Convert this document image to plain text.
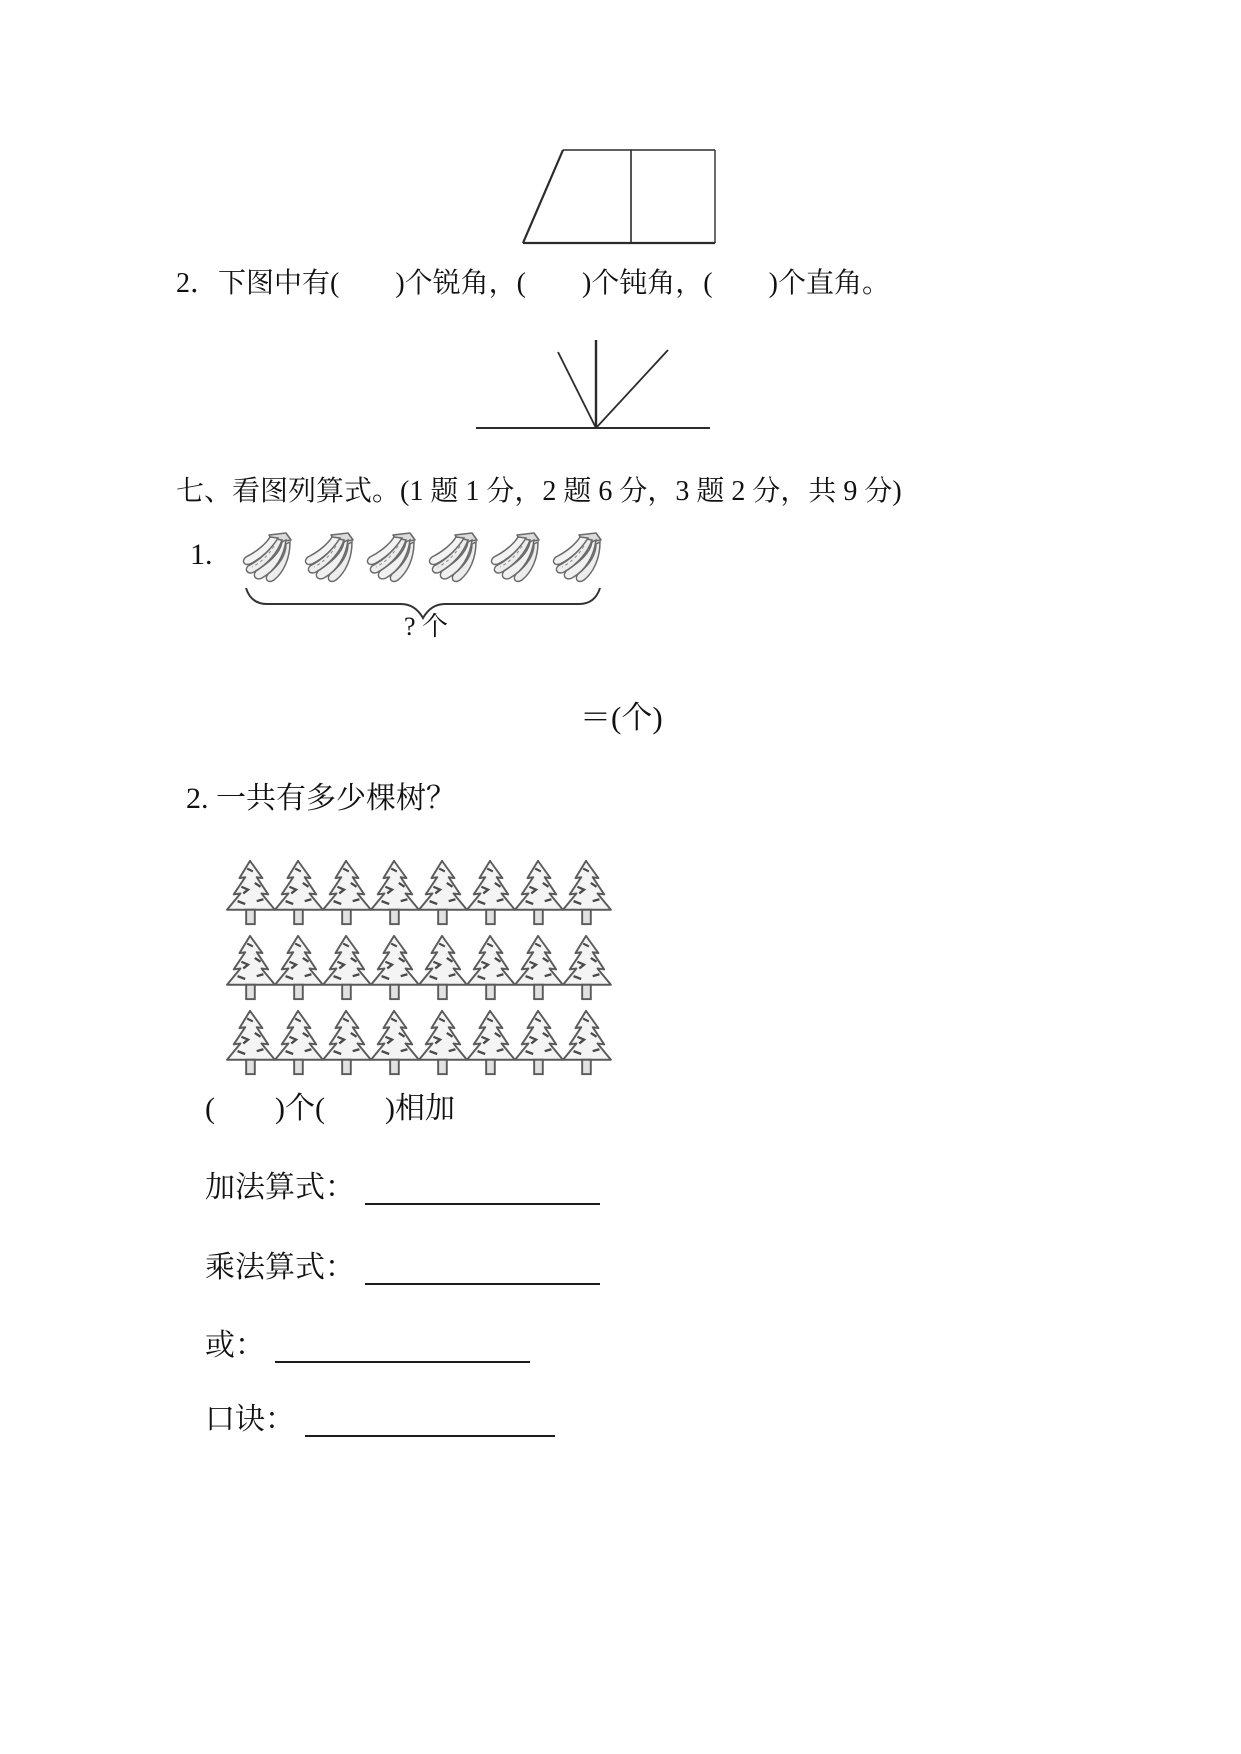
2．下图中有(　　)个锐角，(　　)个钝角，(　　)个直角。
七、看图列算式。(1 题 1 分，2 题 6 分，3 题 2 分，共 9 分)
1.
? 个
＝(个)
2. 一共有多少棵树？
(　　)个(　　)相加
加法算式：
乘法算式：
或：
口诀：
